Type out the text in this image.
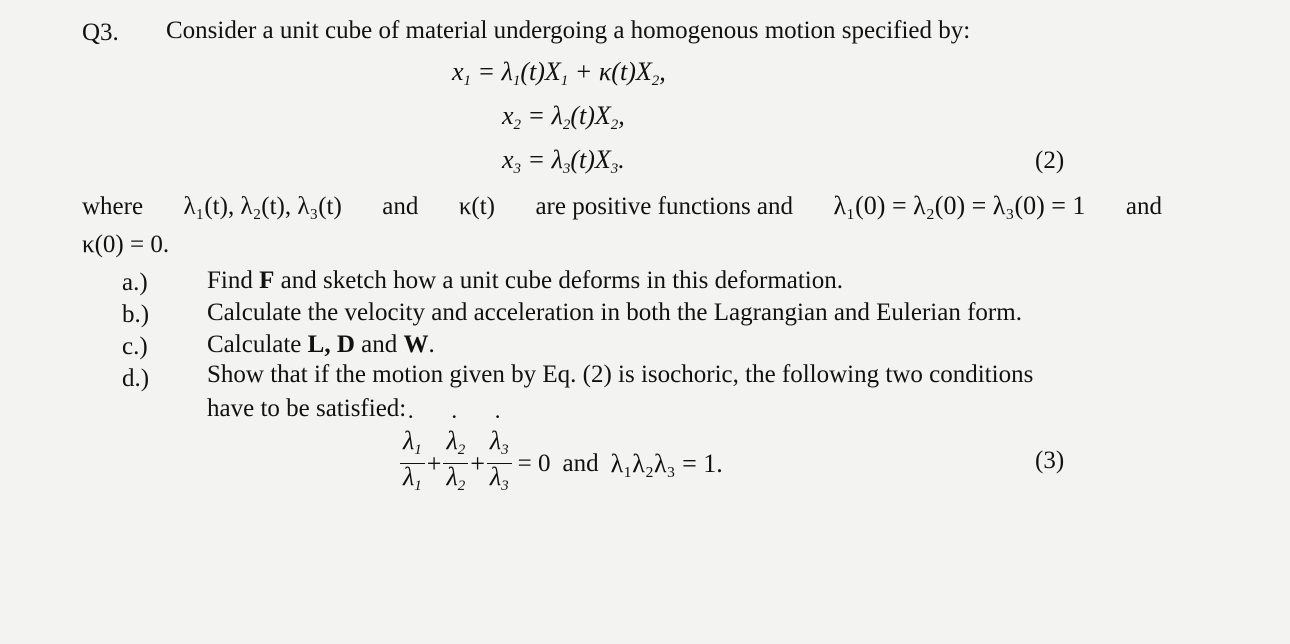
Q3. Consider a unit cube of material undergoing a homogenous motion specified by:
$x_1 = \lambda_1(t)X_1 + \kappa(t)X_2$,
$x_2 = \lambda_2(t)X_2$,
$x_3 = \lambda_3(t)X_3$.	(2)
where λ₁(t), λ₂(t), λ₃(t) and κ(t) are positive functions and λ₁(0) = λ₂(0) = λ₃(0) = 1 and
κ(0) = 0.
a.) Find F and sketch how a unit cube deforms in this deformation.
b.) Calculate the velocity and acceleration in both the Lagrangian and Eulerian form.
c.) Calculate L, D and W.
d.) Show that if the motion given by Eq. (2) is isochoric, the following two conditions
have to be satisfied:
˙ $\frac{\lambda_1}{\lambda_1}$ + ˙ $\frac{\lambda_2}{\lambda_2}$ + ˙ $\frac{\lambda_3}{\lambda_3} = 0$ and λ₁λ₂λ₃ = 1.	(3)
